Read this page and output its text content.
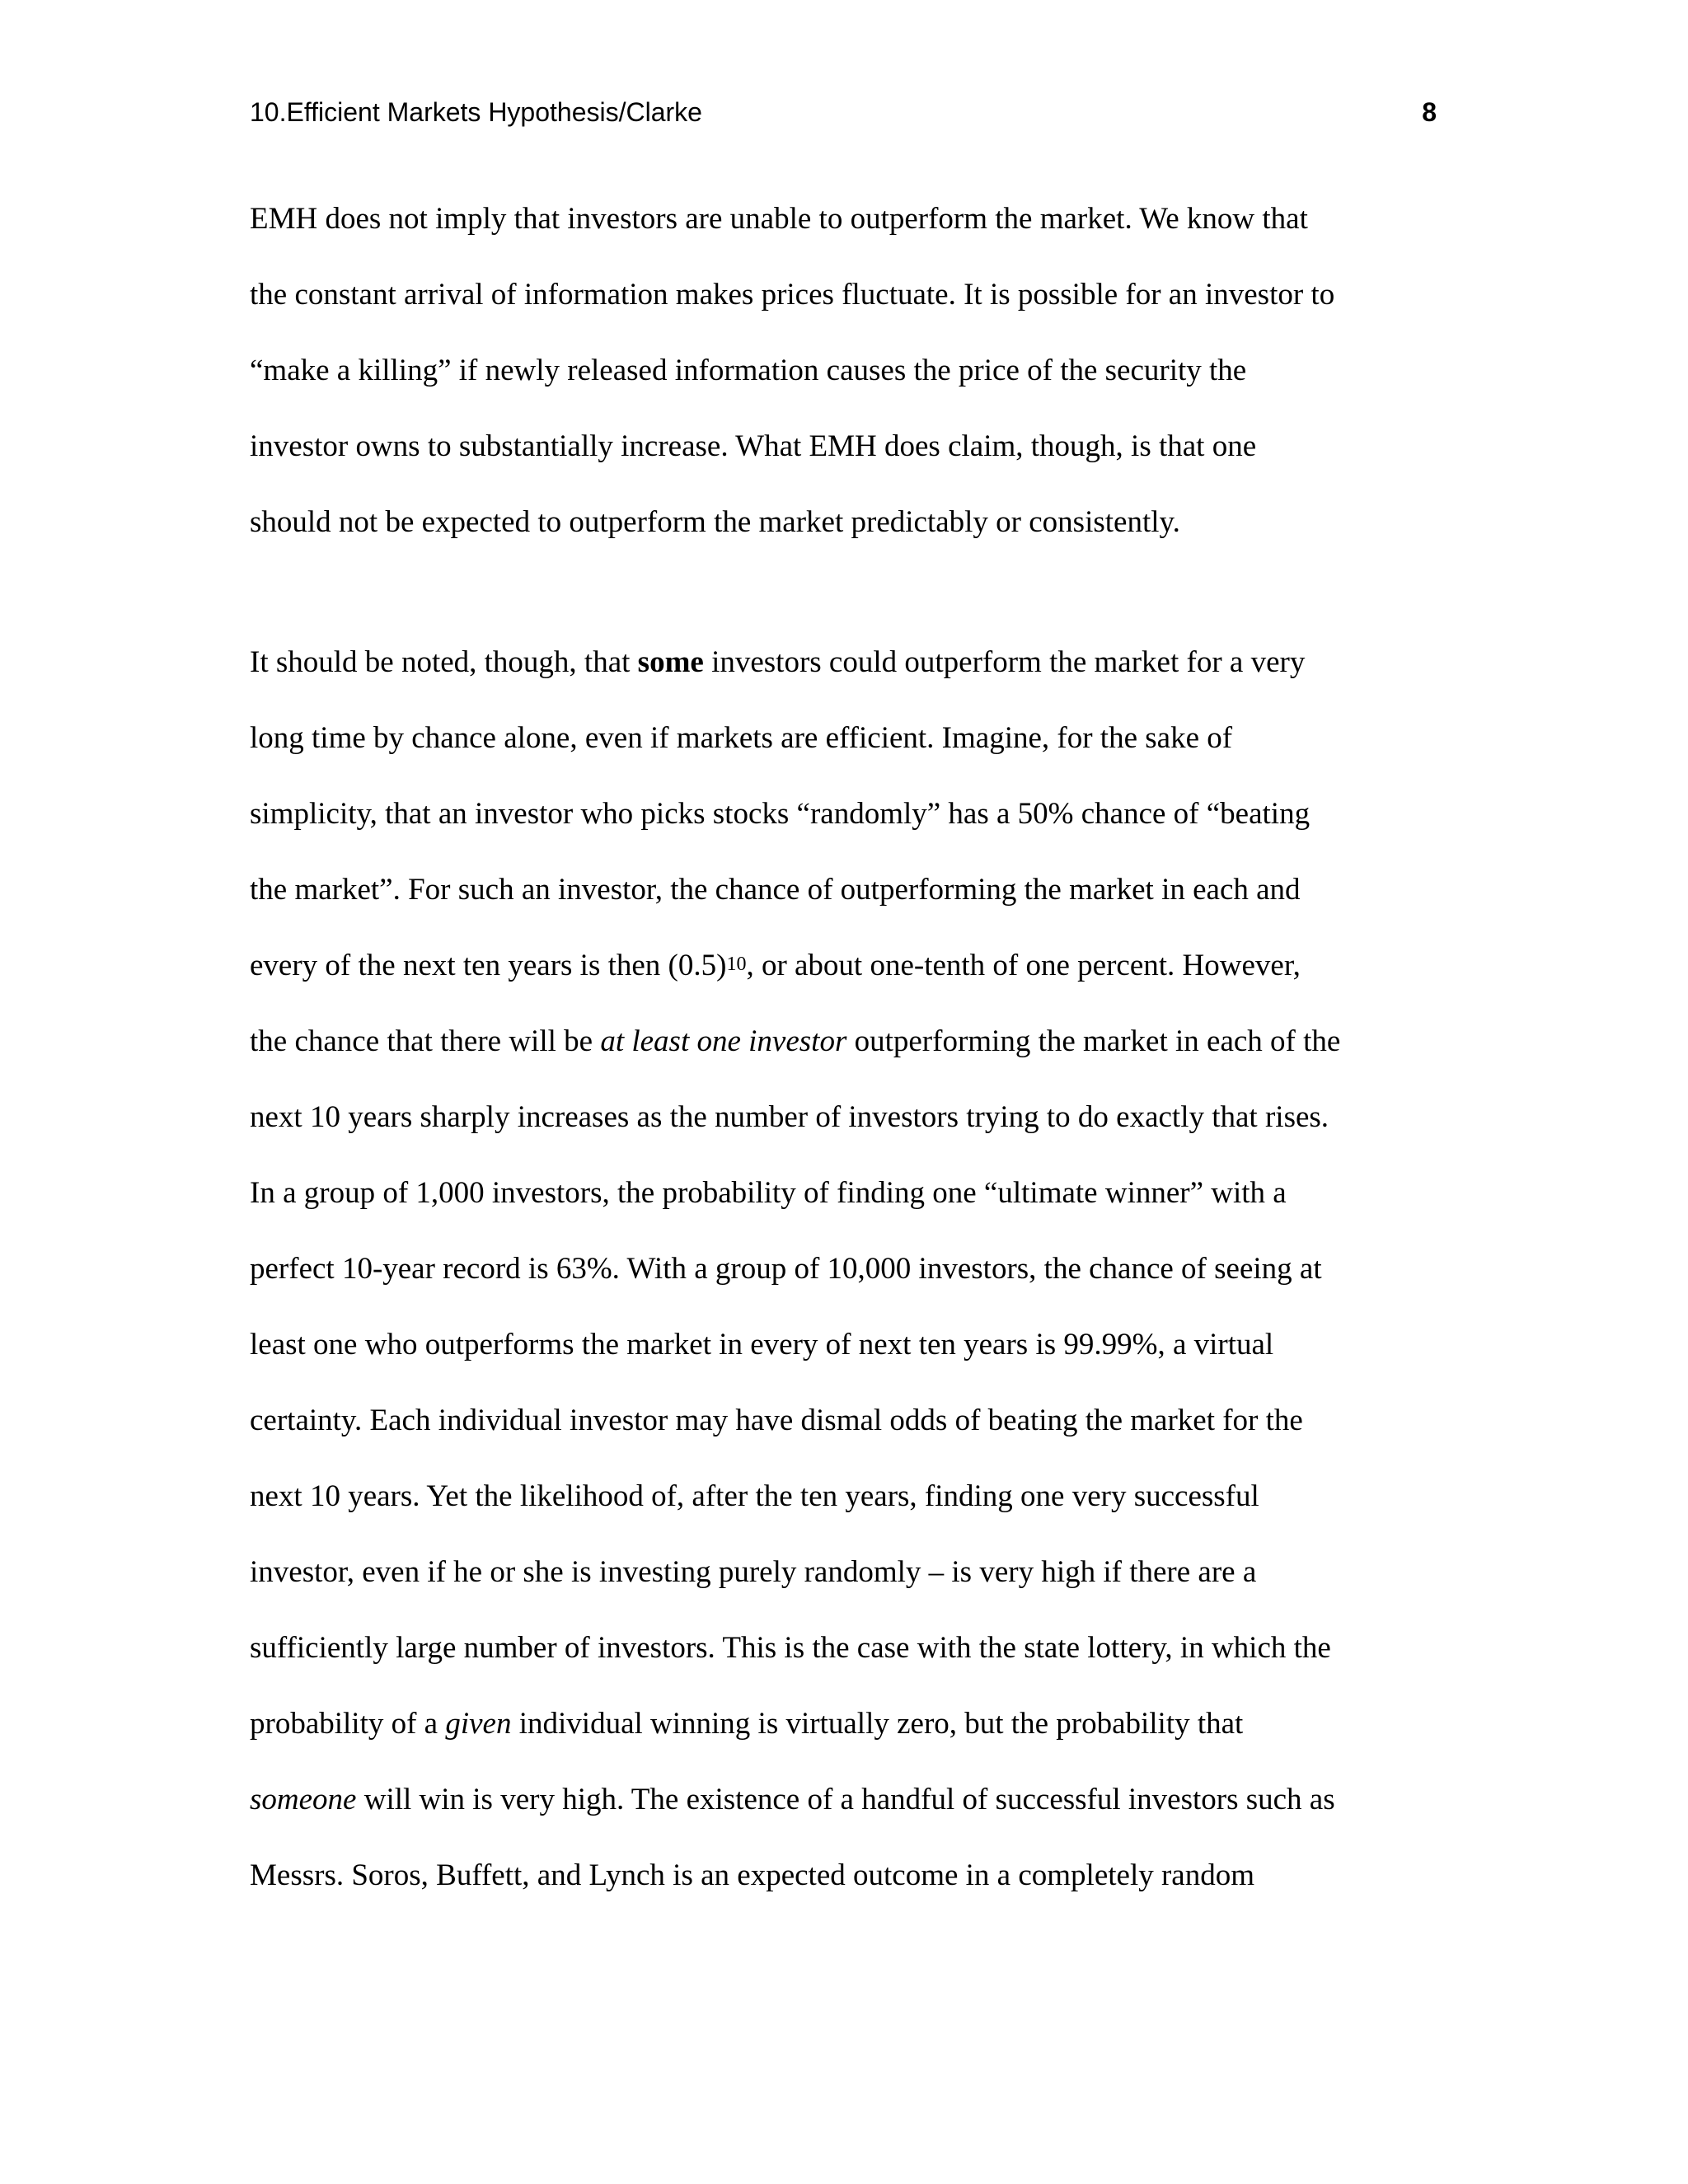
10.Efficient Markets Hypothesis/Clarke	8
EMH does not imply that investors are unable to outperform the market. We know that
the constant arrival of information makes prices fluctuate. It is possible for an investor to
“make a killing” if newly released information causes the price of the security the
investor owns to substantially increase. What EMH does claim, though, is that one
should not be expected to outperform the market predictably or consistently.
It should be noted, though, that some investors could outperform the market for a very
long time by chance alone, even if markets are efficient. Imagine, for the sake of
simplicity, that an investor who picks stocks “randomly” has a 50% chance of “beating
the market”. For such an investor, the chance of outperforming the market in each and
every of the next ten years is then $(0.5)^{10}$, or about one-tenth of one percent. However,
the chance that there will be at least one investor outperforming the market in each of the
next 10 years sharply increases as the number of investors trying to do exactly that rises.
In a group of 1,000 investors, the probability of finding one “ultimate winner” with a
perfect 10-year record is 63%. With a group of 10,000 investors, the chance of seeing at
least one who outperforms the market in every of next ten years is 99.99%, a virtual
certainty. Each individual investor may have dismal odds of beating the market for the
next 10 years. Yet the likelihood of, after the ten years, finding one very successful
investor, even if he or she is investing purely randomly – is very high if there are a
sufficiently large number of investors. This is the case with the state lottery, in which the
probability of a given individual winning is virtually zero, but the probability that
someone will win is very high. The existence of a handful of successful investors such as
Messrs. Soros, Buffett, and Lynch is an expected outcome in a completely random
